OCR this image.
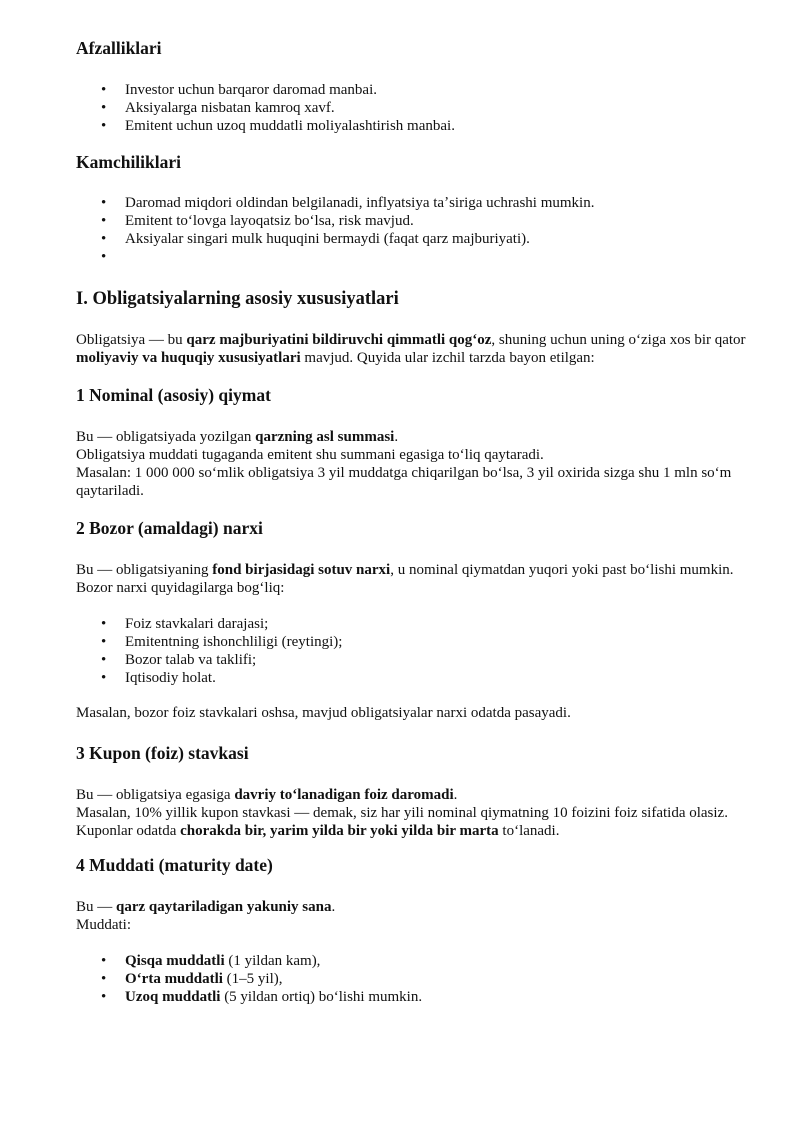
Afzalliklari
• Investor uchun barqaror daromad manbai.
• Aksiyalarga nisbatan kamroq xavf.
• Emitent uchun uzoq muddatli moliyalashtirish manbai.
Kamchiliklari
• Daromad miqdori oldindan belgilanadi, inflyatsiya taʼsiriga uchrashi mumkin.
• Emitent toʻlovga layoqatsiz boʻlsa, risk mavjud.
• Aksiyalar singari mulk huquqini bermaydi (faqat qarz majburiyati).
•
I. Obligatsiyalarning asosiy xususiyatlari

Obligatsiya — bu qarz majburiyatini bildiruvchi qimmatli qogʻoz, shuning uchun uning oʻziga xos bir qator moliyaviy va huquqiy xususiyatlari mavjud. Quyida ular izchil tarzda bayon etilgan:

1 Nominal (asosiy) qiymat

Bu — obligatsiyada yozilgan qarzning asl summasi.
Obligatsiya muddati tugaganda emitent shu summani egasiga toʻliq qaytaradi.
Masalan: 1 000 000 soʻmlik obligatsiya 3 yil muddatga chiqarilgan boʻlsa, 3 yil oxirida sizga shu 1 mln soʻm qaytariladi.

2 Bozor (amaldagi) narxi

Bu — obligatsiyaning fond birjasidagi sotuv narxi, u nominal qiymatdan yuqori yoki past boʻlishi mumkin.
Bozor narxi quyidagilarga bogʻliq:

• Foiz stavkalari darajasi;
• Emitentning ishonchliligi (reytingi);
• Bozor talab va taklifi;
• Iqtisodiy holat.

Masalan, bozor foiz stavkalari oshsa, mavjud obligatsiyalar narxi odatda pasayadi.

3 Kupon (foiz) stavkasi

Bu — obligatsiya egasiga davriy toʻlanadigan foiz daromadi.
Masalan, 10% yillik kupon stavkasi — demak, siz har yili nominal qiymatning 10 foizini foiz sifatida olasiz.
Kuponlar odatda chorakda bir, yarim yilda bir yoki yilda bir marta toʻlanadi.

4 Muddati (maturity date)

Bu — qarz qaytariladigan yakuniy sana.
Muddati:

• Qisqa muddatli (1 yildan kam),
• Oʻrta muddatli (1–5 yil),
• Uzoq muddatli (5 yildan ortiq) boʻlishi mumkin.
